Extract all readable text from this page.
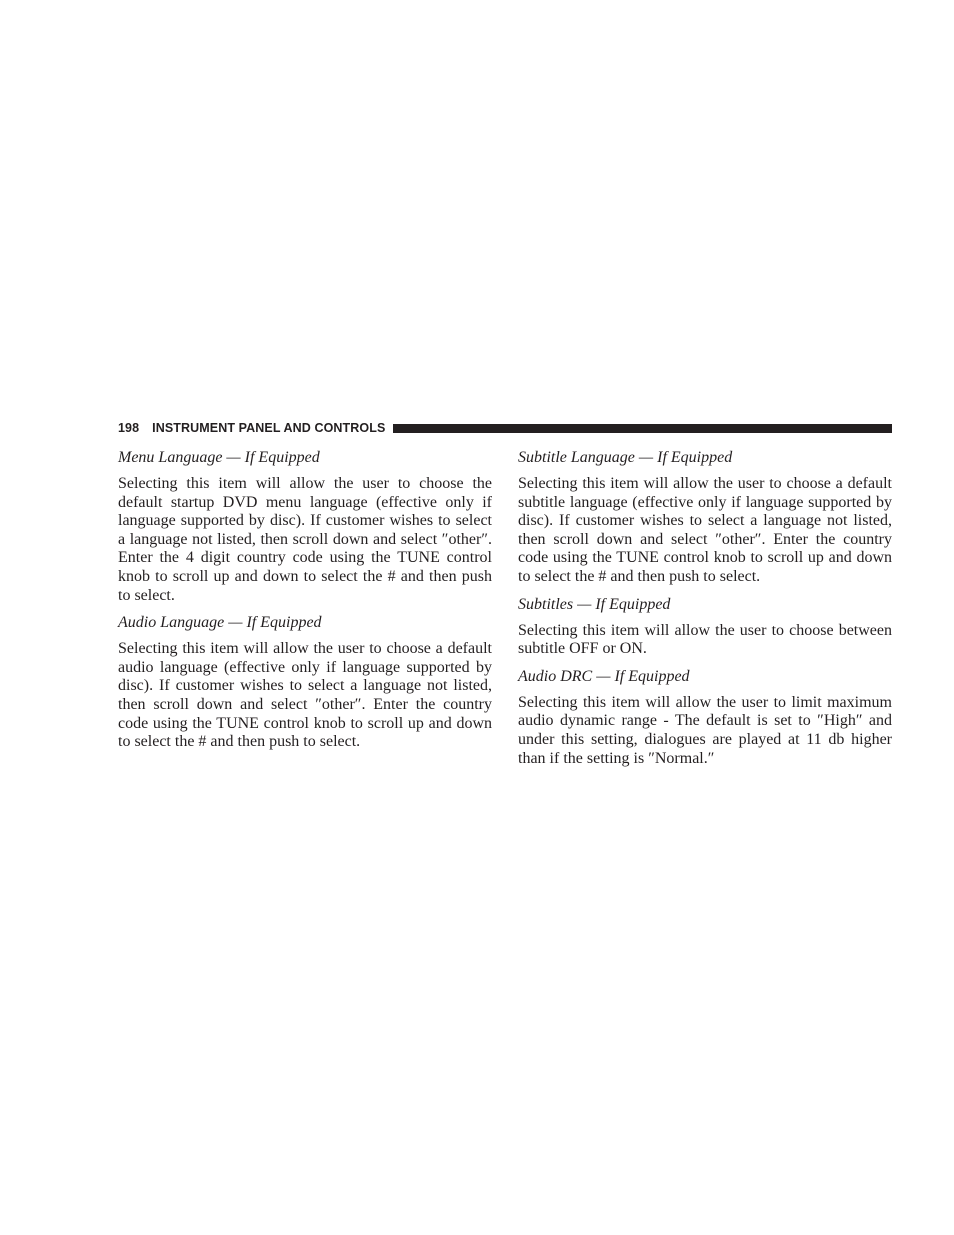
198 INSTRUMENT PANEL AND CONTROLS

Menu Language — If Equipped

Selecting this item will allow the user to choose the default startup DVD menu language (effective only if language supported by disc). If customer wishes to select a language not listed, then scroll down and select ″other″. Enter the 4 digit country code using the TUNE control knob to scroll up and down to select the # and then push to select.

Audio Language — If Equipped

Selecting this item will allow the user to choose a default audio language (effective only if language supported by disc). If customer wishes to select a language not listed, then scroll down and select ″other″. Enter the country code using the TUNE control knob to scroll up and down to select the # and then push to select.

Subtitle Language — If Equipped

Selecting this item will allow the user to choose a default subtitle language (effective only if language supported by disc). If customer wishes to select a language not listed, then scroll down and select ″other″. Enter the country code using the TUNE control knob to scroll up and down to select the # and then push to select.

Subtitles — If Equipped

Selecting this item will allow the user to choose between subtitle OFF or ON.

Audio DRC — If Equipped

Selecting this item will allow the user to limit maximum audio dynamic range - The default is set to ″High″ and under this setting, dialogues are played at 11 db higher than if the setting is ″Normal.″
